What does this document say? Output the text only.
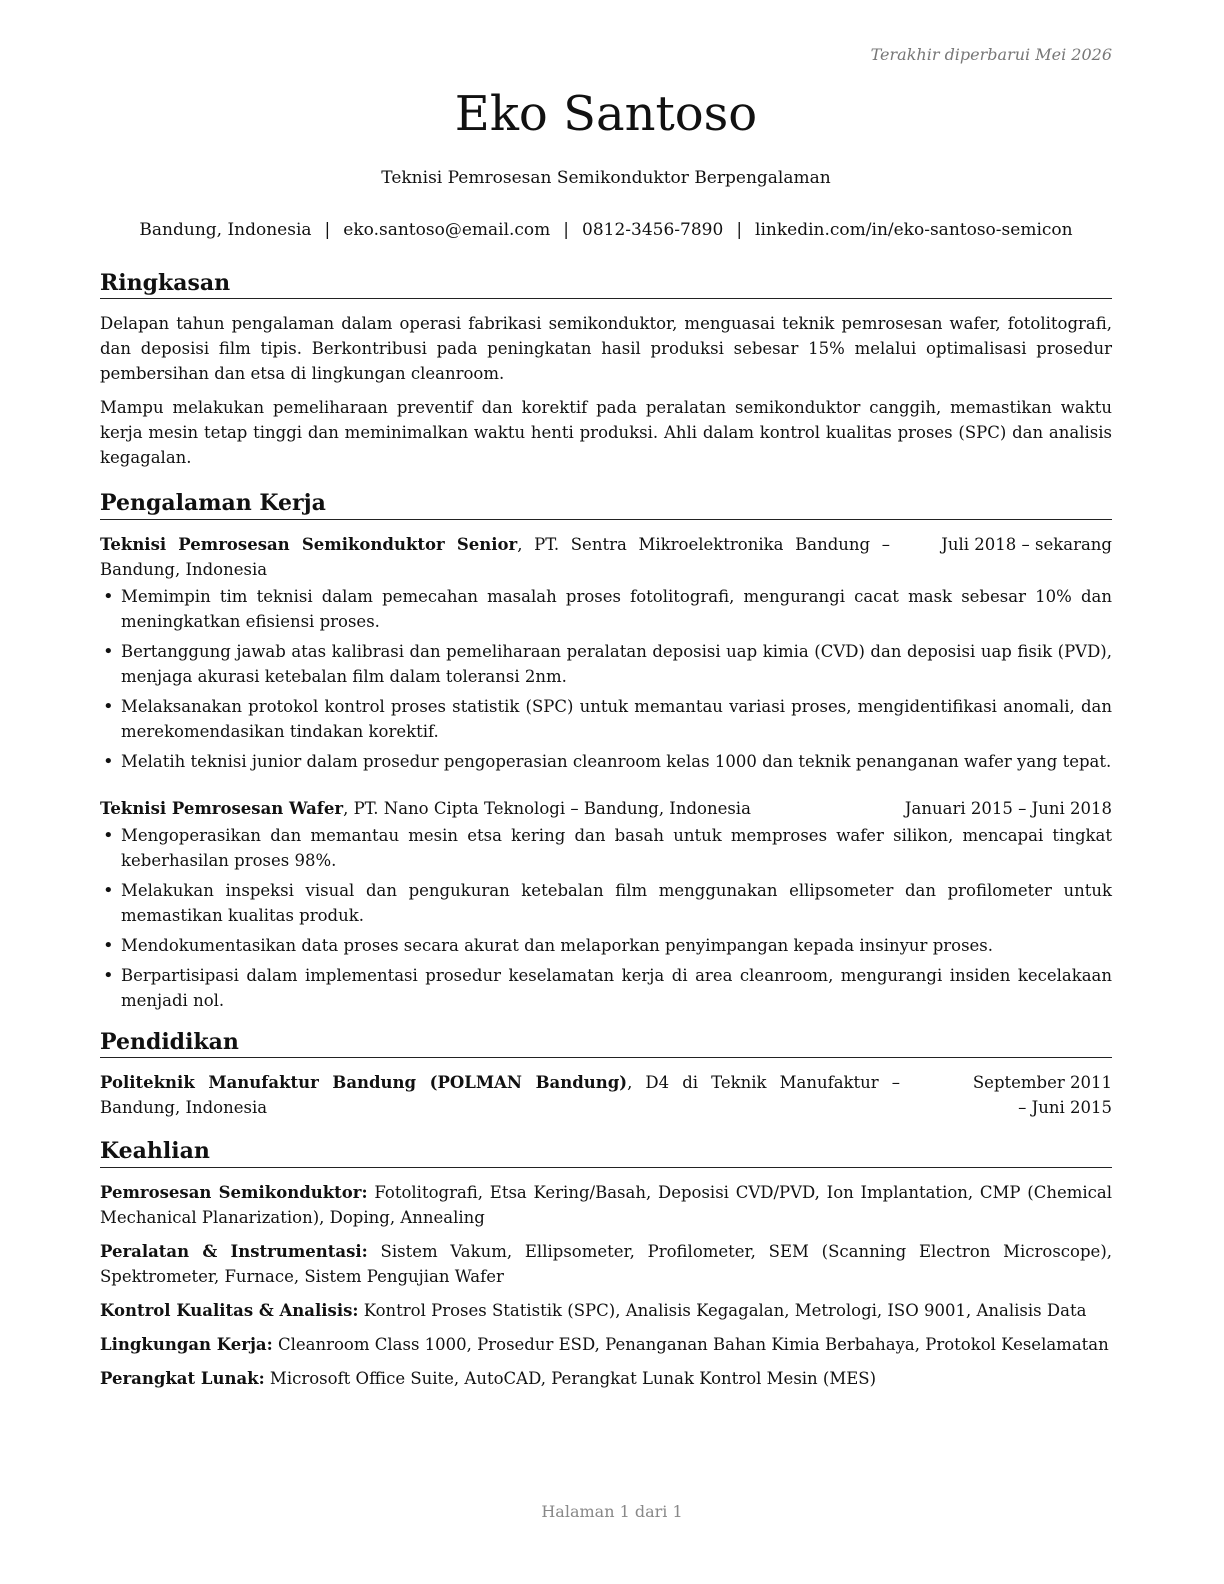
Terakhir diperbarui Mei 2026
Eko Santoso
Teknisi Pemrosesan Semikonduktor Berpengalaman
Bandung, Indonesia | eko.santoso@email.com | 0812-3456-7890 | linkedin.com/in/eko-santoso-semicon
Ringkasan

Delapan tahun pengalaman dalam operasi fabrikasi semikonduktor, menguasai teknik pemrosesan wafer, fotolitografi, dan deposisi film tipis. Berkontribusi pada peningkatan hasil produksi sebesar 15% melalui optimalisasi prosedur pembersihan dan etsa di lingkungan cleanroom.

Mampu melakukan pemeliharaan preventif dan korektif pada peralatan semikonduktor canggih, memastikan waktu kerja mesin tetap tinggi dan meminimalkan waktu henti produksi. Ahli dalam kontrol kualitas proses (SPC) dan analisis kegagalan.

Pengalaman Kerja
Teknisi Pemrosesan Semikonduktor Senior, PT. Sentra Mikroelektronika Bandung – Bandung, Indonesia
Juli 2018 – sekarang
• Memimpin tim teknisi dalam pemecahan masalah proses fotolitografi, mengurangi cacat mask sebesar 10% dan meningkatkan efisiensi proses.
• Bertanggung jawab atas kalibrasi dan pemeliharaan peralatan deposisi uap kimia (CVD) dan deposisi uap fisik (PVD), menjaga akurasi ketebalan film dalam toleransi 2nm.
• Melaksanakan protokol kontrol proses statistik (SPC) untuk memantau variasi proses, mengidentifikasi anomali, dan merekomendasikan tindakan korektif.
• Melatih teknisi junior dalam prosedur pengoperasian cleanroom kelas 1000 dan teknik penanganan wafer yang tepat.
Teknisi Pemrosesan Wafer, PT. Nano Cipta Teknologi – Bandung, Indonesia	Januari 2015 – Juni 2018
• Mengoperasikan dan memantau mesin etsa kering dan basah untuk memproses wafer silikon, mencapai tingkat keberhasilan proses 98%.
• Melakukan inspeksi visual dan pengukuran ketebalan film menggunakan ellipsometer dan profilometer untuk memastikan kualitas produk.
• Mendokumentasikan data proses secara akurat dan melaporkan penyimpangan kepada insinyur proses.
• Berpartisipasi dalam implementasi prosedur keselamatan kerja di area cleanroom, mengurangi insiden kecelakaan menjadi nol.
Pendidikan
Politeknik Manufaktur Bandung (POLMAN Bandung), D4 di Teknik Manufaktur – Bandung, Indonesia
September 2011 – Juni 2015
Keahlian

Pemrosesan Semikonduktor: Fotolitografi, Etsa Kering/Basah, Deposisi CVD/PVD, Ion Implantation, CMP (Chemical Mechanical Planarization), Doping, Annealing

Peralatan & Instrumentasi: Sistem Vakum, Ellipsometer, Profilometer, SEM (Scanning Electron Microscope), Spektrometer, Furnace, Sistem Pengujian Wafer

Kontrol Kualitas & Analisis: Kontrol Proses Statistik (SPC), Analisis Kegagalan, Metrologi, ISO 9001, Analisis Data

Lingkungan Kerja: Cleanroom Class 1000, Prosedur ESD, Penanganan Bahan Kimia Berbahaya, Protokol Keselamatan

Perangkat Lunak: Microsoft Office Suite, AutoCAD, Perangkat Lunak Kontrol Mesin (MES)

Halaman 1 dari 1
